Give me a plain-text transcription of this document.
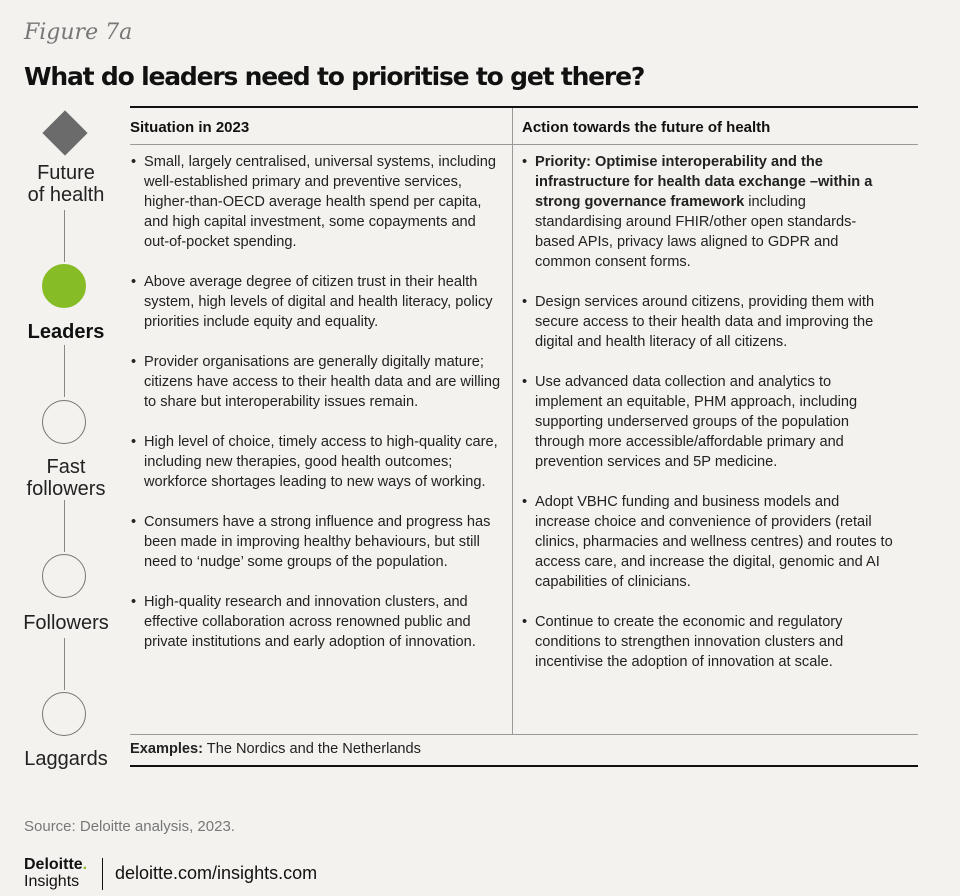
Figure 7a
What do leaders need to prioritise to get there?
Future
of health
Leaders
Fast
followers
Followers
Laggards
Situation in 2023	Action towards the future of health
• Small, largely centralised, universal systems, including well-established primary and preventive services, higher-than-OECD average health spend per capita, and high capital investment, some copayments and out-of-pocket spending.
• Above average degree of citizen trust in their health system, high levels of digital and health literacy, policy priorities include equity and equality.
• Provider organisations are generally digitally mature; citizens have access to their health data and are willing to share but interoperability issues remain.
• High level of choice, timely access to high-quality care, including new therapies, good health outcomes; workforce shortages leading to new ways of working.
• Consumers have a strong influence and progress has been made in improving healthy behaviours, but still need to ‘nudge’ some groups of the population.
• High-quality research and innovation clusters, and effective collaboration across renowned public and private institutions and early adoption of innovation.
• Priority: Optimise interoperability and the infrastructure for health data exchange –within a strong governance framework including standardising around FHIR/other open standards-based APIs, privacy laws aligned to GDPR and common consent forms.
• Design services around citizens, providing them with secure access to their health data and improving the digital and health literacy of all citizens.
• Use advanced data collection and analytics to implement an equitable, PHM approach, including supporting underserved groups of the population through more accessible/affordable primary and prevention services and 5P medicine.
• Adopt VBHC funding and business models and increase choice and convenience of providers (retail clinics, pharmacies and wellness centres) and routes to access care, and increase the digital, genomic and AI capabilities of clinicians.
• Continue to create the economic and regulatory conditions to strengthen innovation clusters and incentivise the adoption of innovation at scale.
Examples: The Nordics and the Netherlands
Source: Deloitte analysis, 2023.
Deloitte.
Insights	deloitte.com/insights.com
